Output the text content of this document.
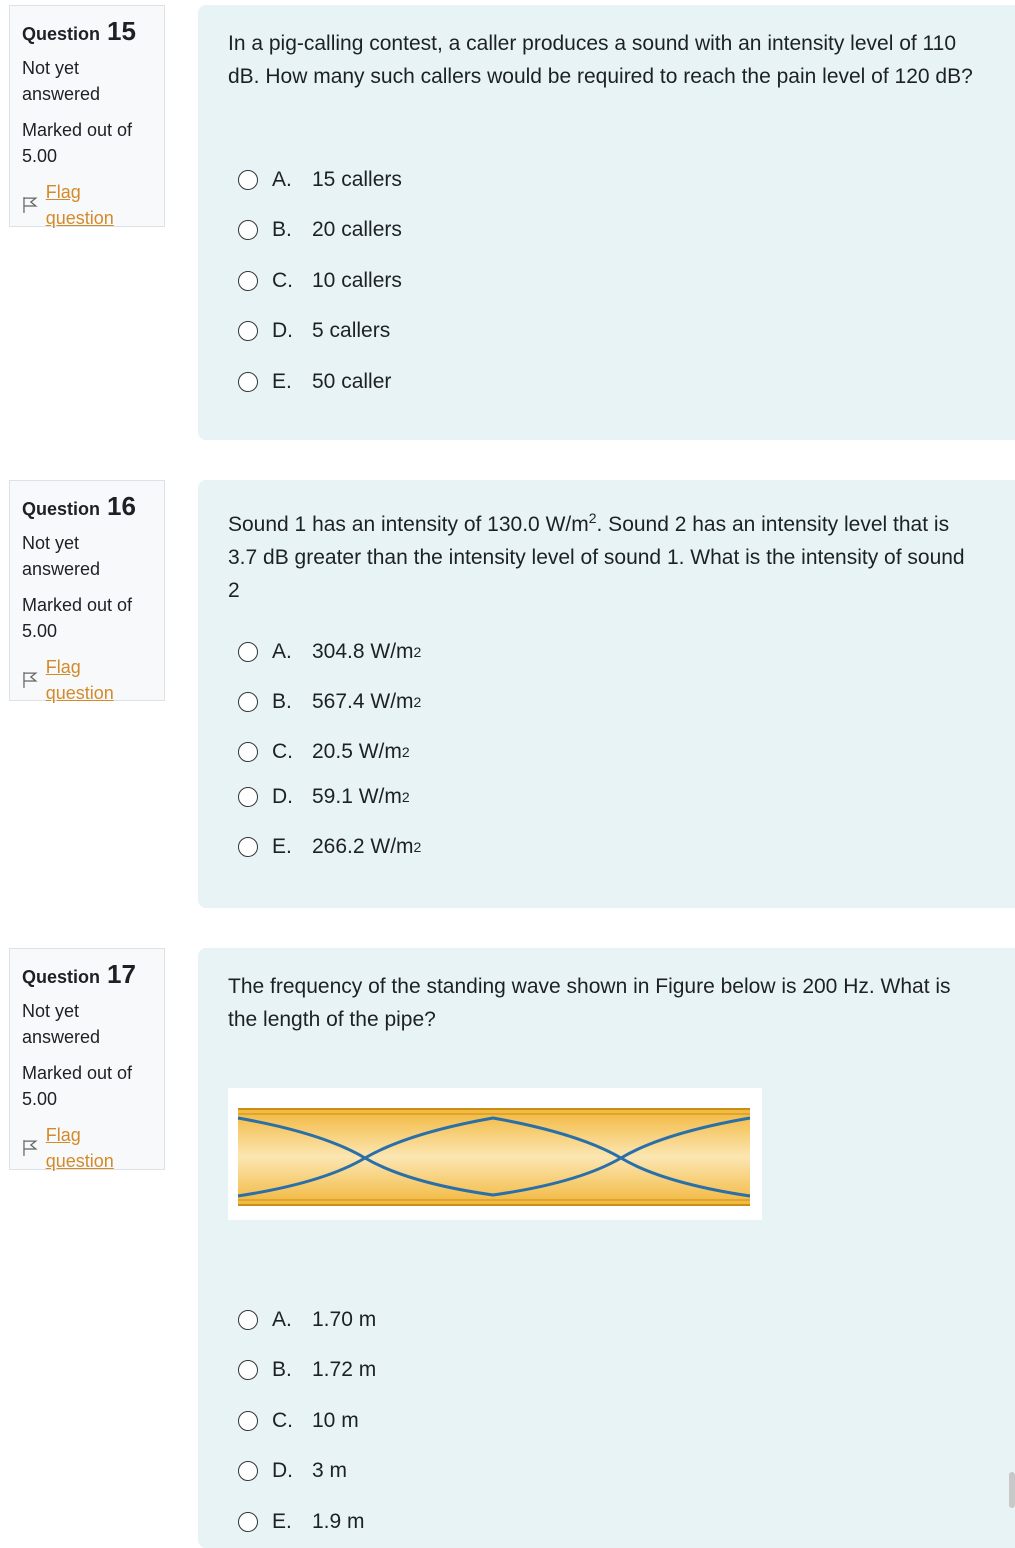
Question 15
Not yet answered
Marked out of 5.00
Flag question

In a pig-calling contest, a caller produces a sound with an intensity level of 110 dB. How many such callers would be required to reach the pain level of 120 dB?

A. 15 callers
B. 20 callers
C. 10 callers
D. 5 callers
E. 50 caller
Question 16
Not yet answered
Marked out of 5.00
Flag question

Sound 1 has an intensity of 130.0 $W/m^2$. Sound 2 has an intensity level that is 3.7 dB greater than the intensity level of sound 1. What is the intensity of sound 2

A. 304.8 W/m 2
B. 567.4 W/m 2
C. 20.5 W/m 2
D. 59.1 W/m 2
E. 266.2 W/m 2
Question 17
Not yet answered
Marked out of 5.00
Flag question

The frequency of the standing wave shown in Figure below is 200 Hz. What is the length of the pipe?

A. 1.70 m
B. 1.72 m
C. 10 m
D. 3 m
E. 1.9 m
